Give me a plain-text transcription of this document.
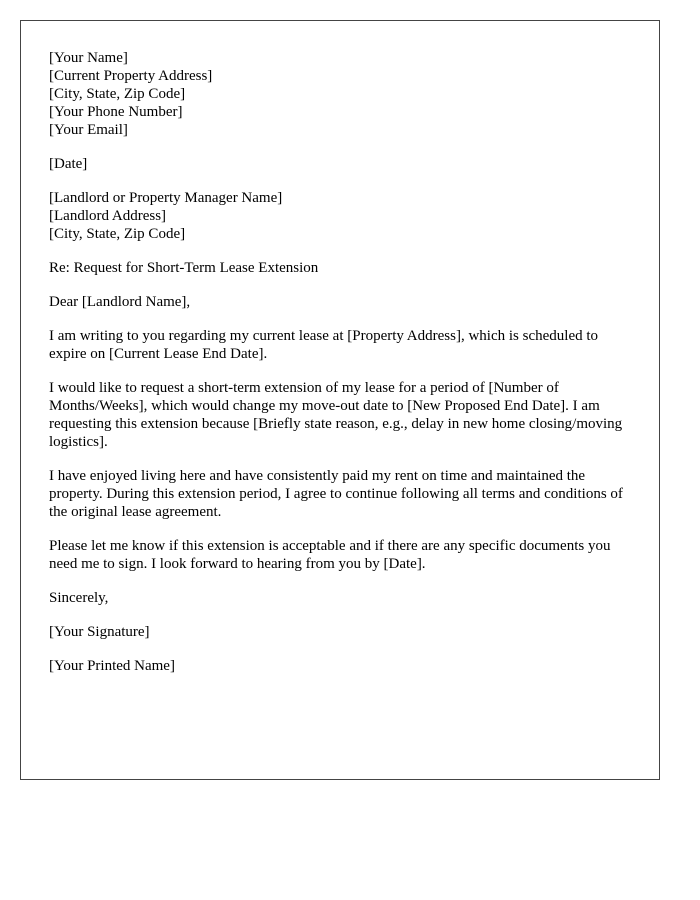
[Your Name]
[Current Property Address]
[City, State, Zip Code]
[Your Phone Number]
[Your Email]
[Date]
[Landlord or Property Manager Name]
[Landlord Address]
[City, State, Zip Code]

Re: Request for Short-Term Lease Extension

Dear [Landlord Name],

I am writing to you regarding my current lease at [Property Address], which is scheduled to expire on [Current Lease End Date].

I would like to request a short-term extension of my lease for a period of [Number of Months/Weeks], which would change my move-out date to [New Proposed End Date]. I am requesting this extension because [Briefly state reason, e.g., delay in new home closing/moving logistics].

I have enjoyed living here and have consistently paid my rent on time and maintained the property. During this extension period, I agree to continue following all terms and conditions of the original lease agreement.

Please let me know if this extension is acceptable and if there are any specific documents you need me to sign. I look forward to hearing from you by [Date].

Sincerely,

[Your Signature]

[Your Printed Name]
